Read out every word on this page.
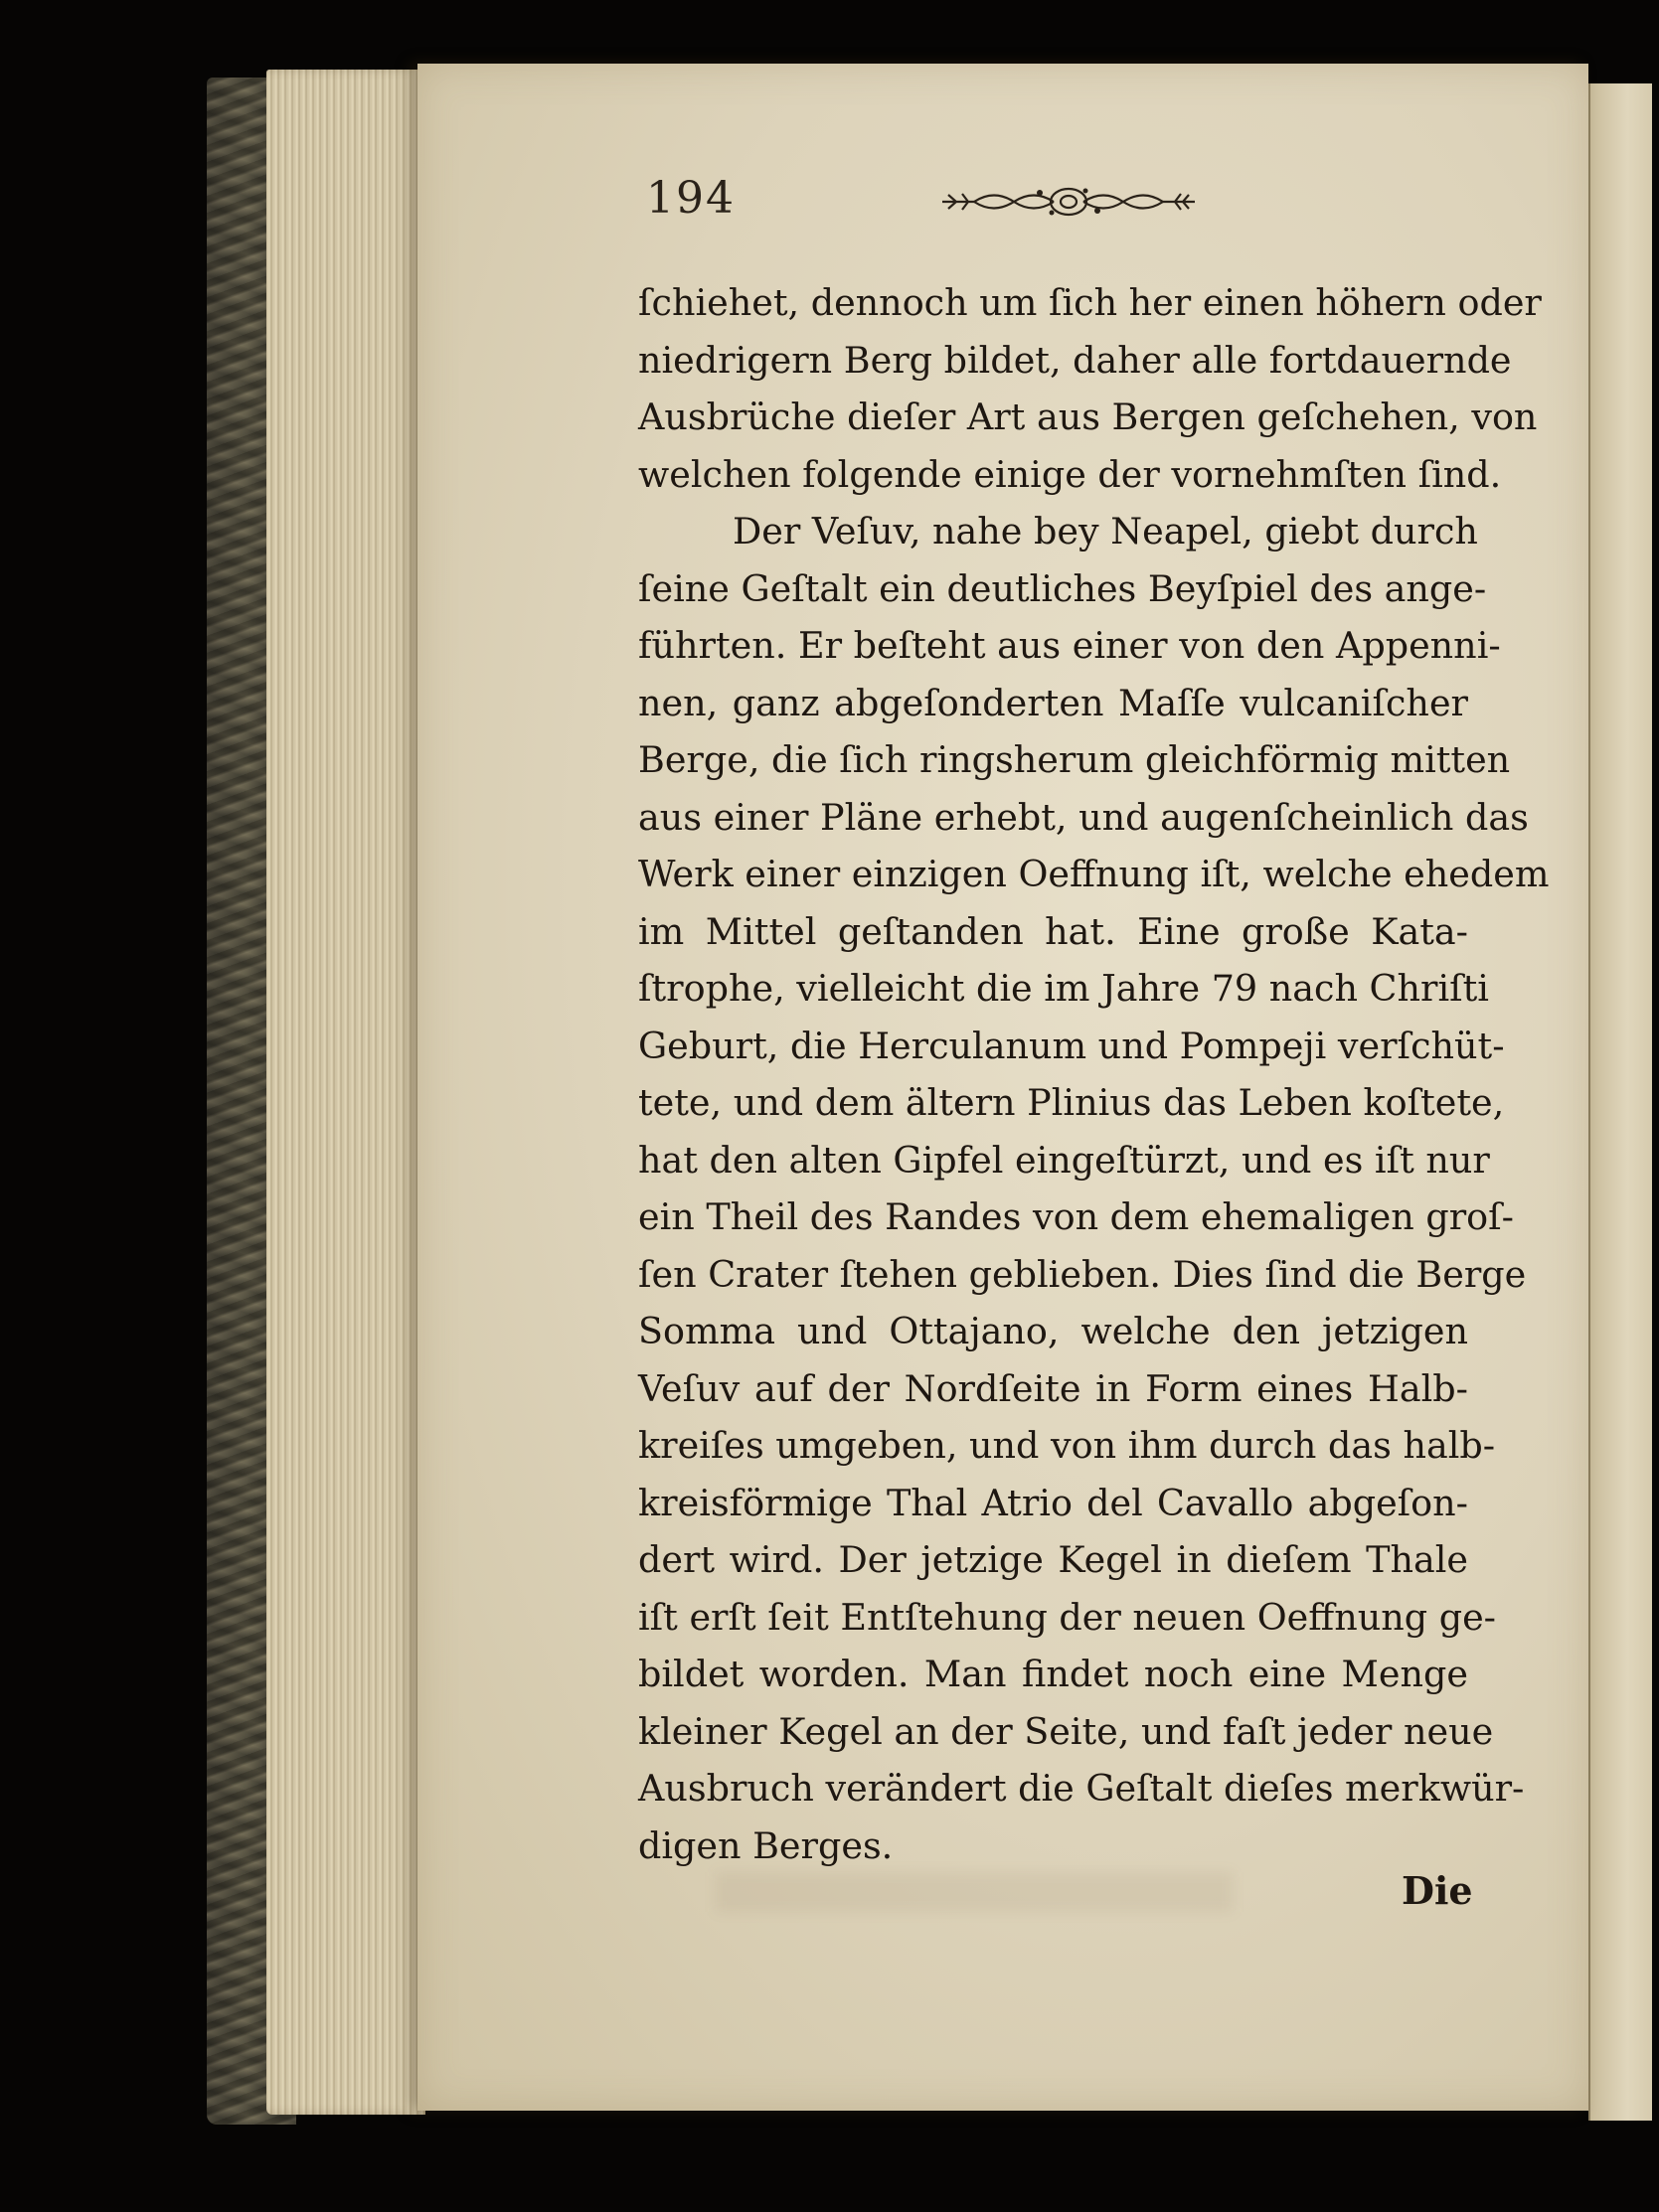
194
ſchiehet, dennoch um ſich her einen höhern oder
niedrigern Berg bildet, daher alle fortdauernde
Ausbrüche dieſer Art aus Bergen geſchehen, von
welchen folgende einige der vornehmſten ſind.
Der Veſuv, nahe bey Neapel, giebt durch
ſeine Geſtalt ein deutliches Beyſpiel des ange-
führten. Er beſteht aus einer von den Appenni-
nen, ganz abgeſonderten Maſſe vulcaniſcher
Berge, die ſich ringsherum gleichförmig mitten
aus einer Pläne erhebt, und augenſcheinlich das
Werk einer einzigen Oeffnung iſt, welche ehedem
im Mittel geſtanden hat. Eine große Kata-
ſtrophe, vielleicht die im Jahre 79 nach Chriſti
Geburt, die Herculanum und Pompeji verſchüt-
tete, und dem ältern Plinius das Leben koſtete,
hat den alten Gipfel eingeſtürzt, und es iſt nur
ein Theil des Randes von dem ehemaligen groſ-
ſen Crater ſtehen geblieben. Dies ſind die Berge
Somma und Ottajano, welche den jetzigen
Veſuv auf der Nordſeite in Form eines Halb-
kreiſes umgeben, und von ihm durch das halb-
kreisförmige Thal Atrio del Cavallo abgeſon-
dert wird. Der jetzige Kegel in dieſem Thale
iſt erſt ſeit Entſtehung der neuen Oeffnung ge-
bildet worden. Man findet noch eine Menge
kleiner Kegel an der Seite, und faſt jeder neue
Ausbruch verändert die Geſtalt dieſes merkwür-
digen Berges.
Die
